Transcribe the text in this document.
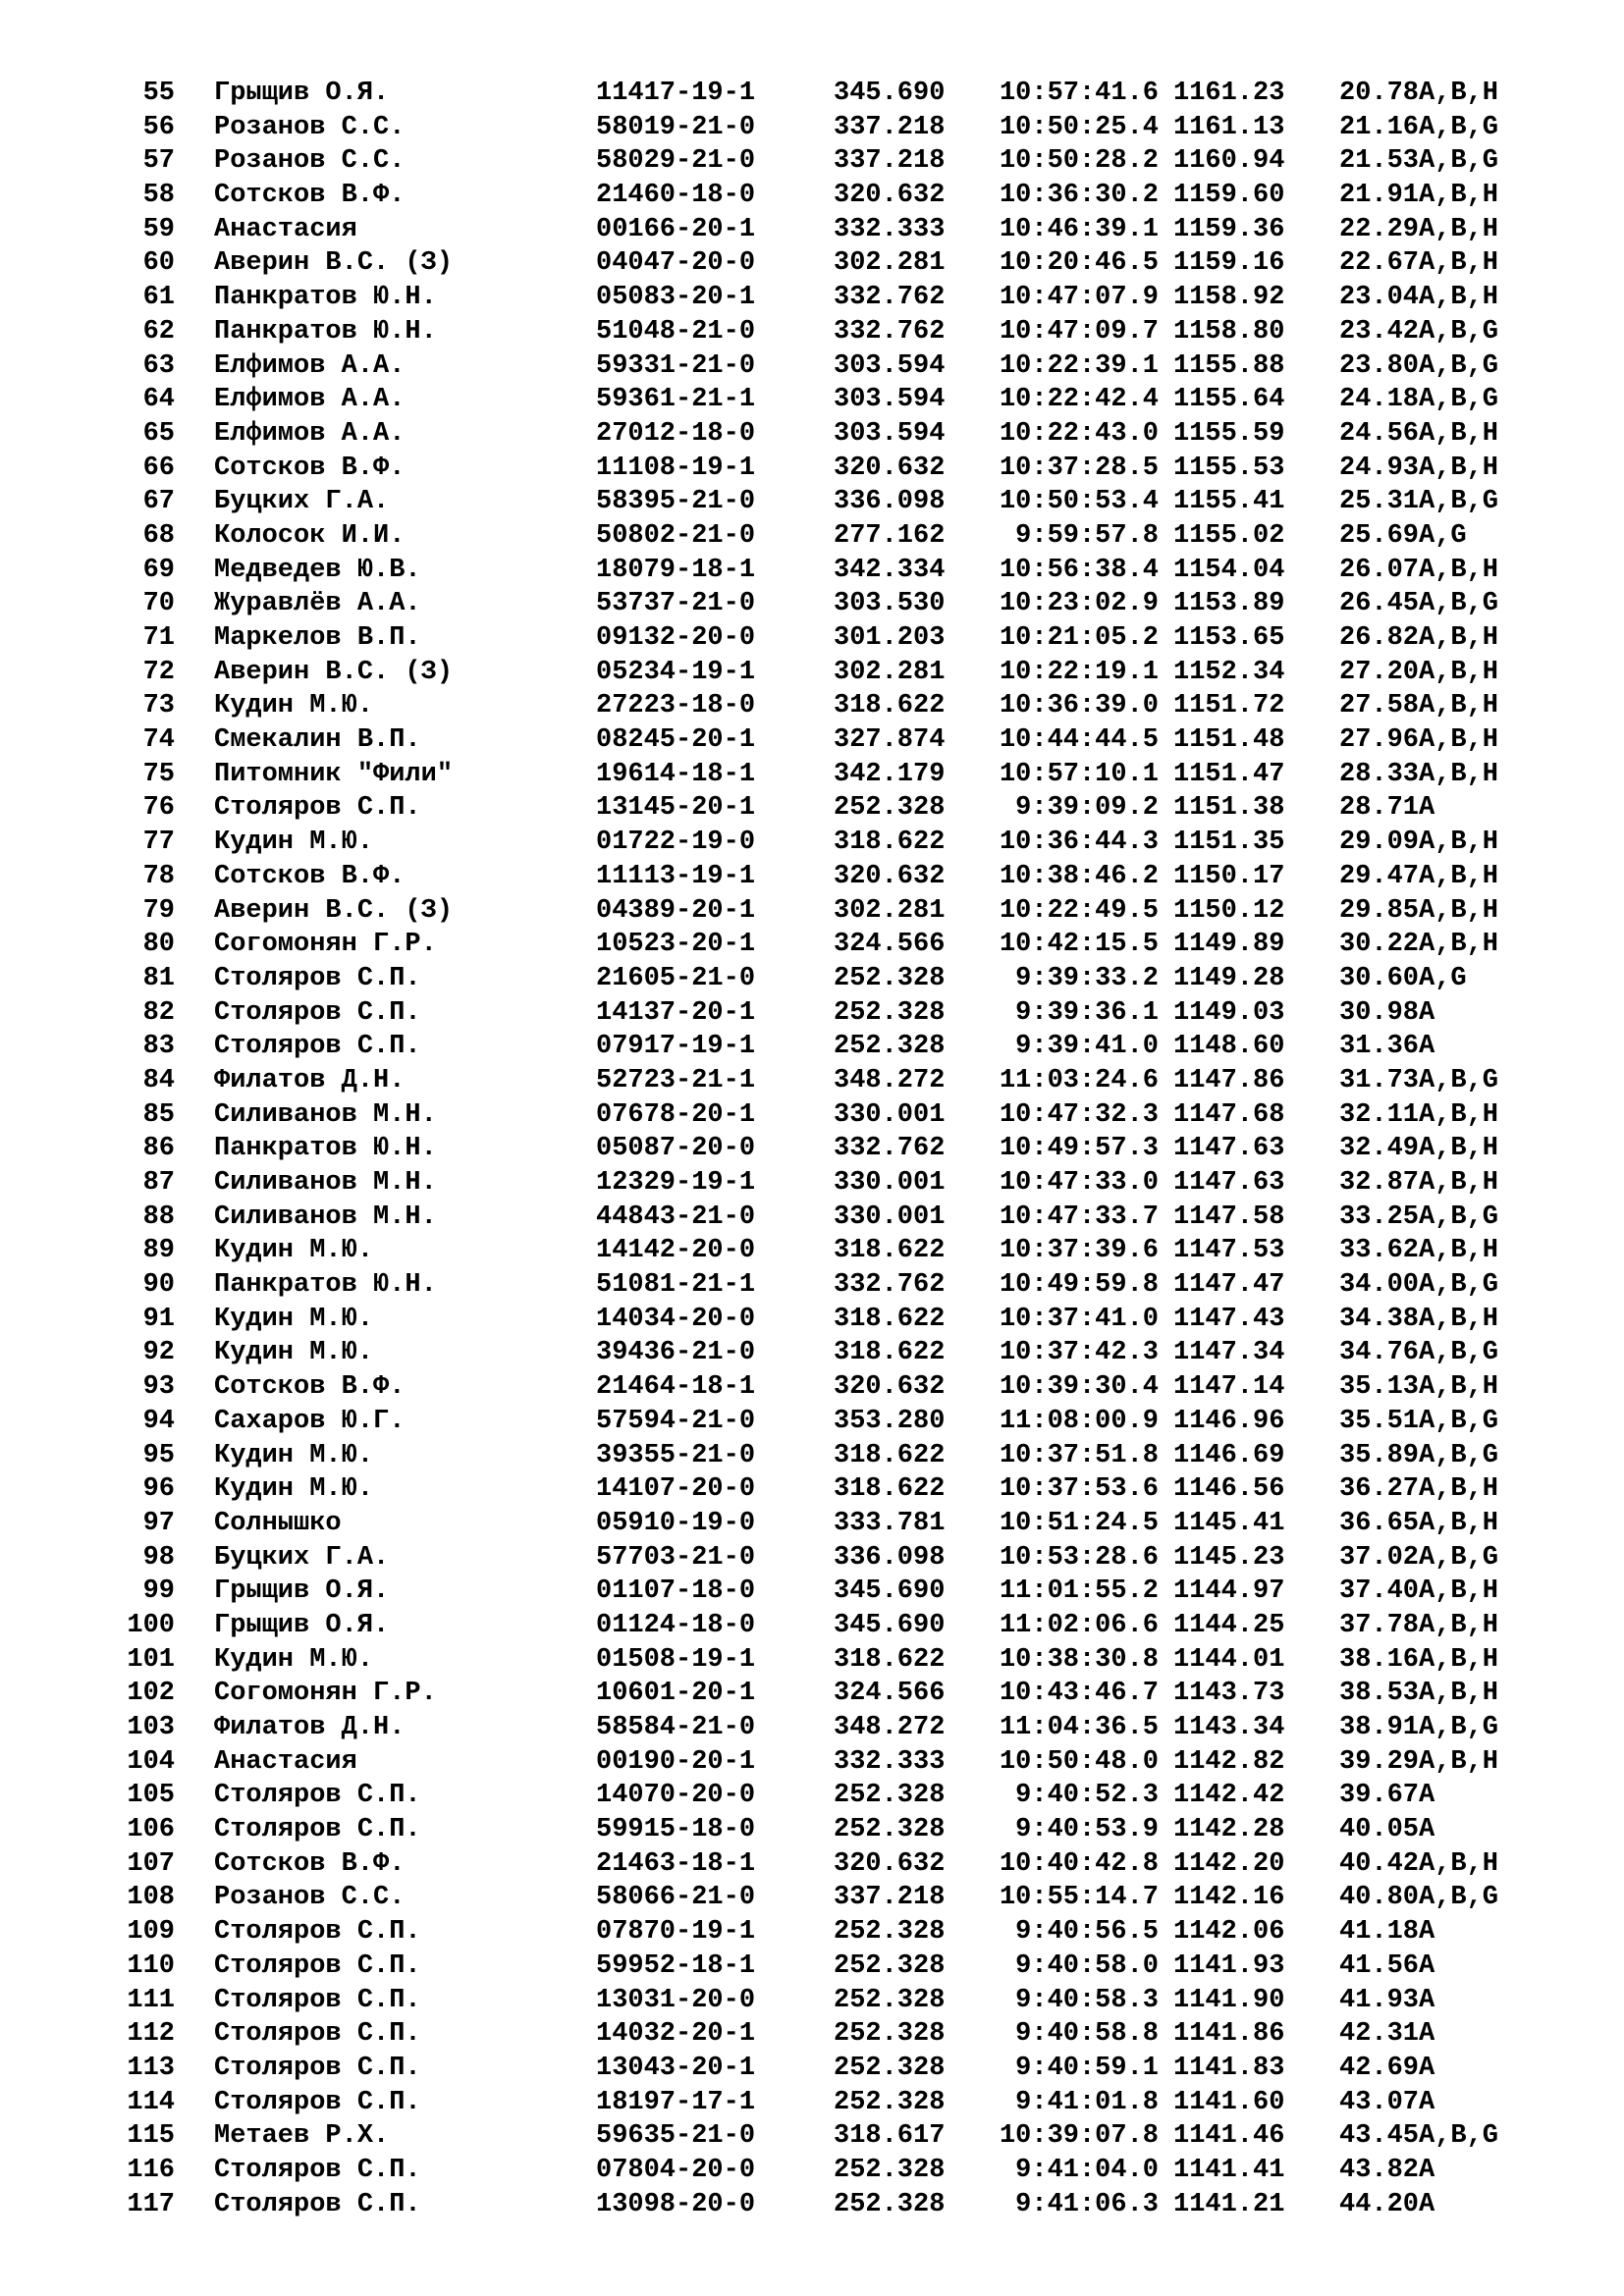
55 Грыщив О.Я.	11417-19-1	345.690 10:57:41.6 1161.23 20.78 A,B,H
56 Розанов С.С.	58019-21-0	337.218 10:50:25.4 1161.13 21.16 A,B,G
57 Розанов С.С.	58029-21-0	337.218 10:50:28.2 1160.94 21.53 A,B,G
58 Сотсков В.Ф.	21460-18-0	320.632 10:36:30.2 1159.60 21.91 A,B,H
59 Анастасия	00166-20-1	332.333 10:46:39.1 1159.36 22.29 A,B,H
60 Аверин В.С. (З)	04047-20-0	302.281 10:20:46.5 1159.16 22.67 A,B,H
61 Панкратов Ю.Н.	05083-20-1	332.762 10:47:07.9 1158.92 23.04 A,B,H
62 Панкратов Ю.Н.	51048-21-0	332.762 10:47:09.7 1158.80 23.42 A,B,G
63 Елфимов А.А.	59331-21-0	303.594 10:22:39.1 1155.88 23.80 A,B,G
64 Елфимов А.А.	59361-21-1	303.594 10:22:42.4 1155.64 24.18 A,B,G
65 Елфимов А.А.	27012-18-0	303.594 10:22:43.0 1155.59 24.56 A,B,H
66 Сотсков В.Ф.	11108-19-1	320.632 10:37:28.5 1155.53 24.93 A,B,H
67 Буцких Г.А.	58395-21-0	336.098 10:50:53.4 1155.41 25.31 A,B,G
68 Колосок И.И.	50802-21-0	277.162	9:59:57.8 1155.02 25.69 A,G
69 Медведев Ю.В.	18079-18-1	342.334 10:56:38.4 1154.04 26.07 A,B,H
70 Журавлёв А.А.	53737-21-0	303.530 10:23:02.9 1153.89 26.45 A,B,G
71 Маркелов В.П.	09132-20-0	301.203 10:21:05.2 1153.65 26.82 A,B,H
72 Аверин В.С. (З)	05234-19-1	302.281 10:22:19.1 1152.34 27.20 A,B,H
73 Кудин М.Ю.	27223-18-0	318.622 10:36:39.0 1151.72 27.58 A,B,H
74 Смекалин В.П.	08245-20-1	327.874 10:44:44.5 1151.48 27.96 A,B,H
75 Питомник "Фили"	19614-18-1	342.179 10:57:10.1 1151.47 28.33 A,B,H
76 Столяров С.П.	13145-20-1	252.328	9:39:09.2 1151.38 28.71 A
77 Кудин М.Ю.	01722-19-0	318.622 10:36:44.3 1151.35 29.09 A,B,H
78 Сотсков В.Ф.	11113-19-1	320.632 10:38:46.2 1150.17 29.47 A,B,H
79 Аверин В.С. (З)	04389-20-1	302.281 10:22:49.5 1150.12 29.85 A,B,H
80 Согомонян Г.Р.	10523-20-1	324.566 10:42:15.5 1149.89 30.22 A,B,H
81 Столяров С.П.	21605-21-0	252.328	9:39:33.2 1149.28 30.60 A,G
82 Столяров С.П.	14137-20-1	252.328	9:39:36.1 1149.03 30.98 A
83 Столяров С.П.	07917-19-1	252.328	9:39:41.0 1148.60 31.36 A
84 Филатов Д.Н.	52723-21-1	348.272 11:03:24.6 1147.86 31.73 A,B,G
85 Силиванов М.Н.	07678-20-1	330.001 10:47:32.3 1147.68 32.11 A,B,H
86 Панкратов Ю.Н.	05087-20-0	332.762 10:49:57.3 1147.63 32.49 A,B,H
87 Силиванов М.Н.	12329-19-1	330.001 10:47:33.0 1147.63 32.87 A,B,H
88 Силиванов М.Н.	44843-21-0	330.001 10:47:33.7 1147.58 33.25 A,B,G
89 Кудин М.Ю.	14142-20-0	318.622 10:37:39.6 1147.53 33.62 A,B,H
90 Панкратов Ю.Н.	51081-21-1	332.762 10:49:59.8 1147.47 34.00 A,B,G
91 Кудин М.Ю.	14034-20-0	318.622 10:37:41.0 1147.43 34.38 A,B,H
92 Кудин М.Ю.	39436-21-0	318.622 10:37:42.3 1147.34 34.76 A,B,G
93 Сотсков В.Ф.	21464-18-1	320.632 10:39:30.4 1147.14 35.13 A,B,H
94 Сахаров Ю.Г.	57594-21-0	353.280 11:08:00.9 1146.96 35.51 A,B,G
95 Кудин М.Ю.	39355-21-0	318.622 10:37:51.8 1146.69 35.89 A,B,G
96 Кудин М.Ю.	14107-20-0	318.622 10:37:53.6 1146.56 36.27 A,B,H
97 Солнышко	05910-19-0	333.781 10:51:24.5 1145.41 36.65 A,B,H
98 Буцких Г.А.	57703-21-0	336.098 10:53:28.6 1145.23 37.02 A,B,G
99 Грыщив О.Я.	01107-18-0	345.690 11:01:55.2 1144.97 37.40 A,B,H
100 Грыщив О.Я.	01124-18-0	345.690 11:02:06.6 1144.25 37.78 A,B,H
101 Кудин М.Ю.	01508-19-1	318.622 10:38:30.8 1144.01 38.16 A,B,H
102 Согомонян Г.Р.	10601-20-1	324.566 10:43:46.7 1143.73 38.53 A,B,H
103 Филатов Д.Н.	58584-21-0	348.272 11:04:36.5 1143.34 38.91 A,B,G
104 Анастасия	00190-20-1	332.333 10:50:48.0 1142.82 39.29 A,B,H
105 Столяров С.П.	14070-20-0	252.328	9:40:52.3 1142.42 39.67 A
106 Столяров С.П.	59915-18-0	252.328	9:40:53.9 1142.28 40.05 A
107 Сотсков В.Ф.	21463-18-1	320.632 10:40:42.8 1142.20 40.42 A,B,H
108 Розанов С.С.	58066-21-0	337.218 10:55:14.7 1142.16 40.80 A,B,G
109 Столяров С.П.	07870-19-1	252.328	9:40:56.5 1142.06 41.18 A
110 Столяров С.П.	59952-18-1	252.328	9:40:58.0 1141.93 41.56 A
111 Столяров С.П.	13031-20-0	252.328	9:40:58.3 1141.90 41.93 A
112 Столяров С.П.	14032-20-1	252.328	9:40:58.8 1141.86 42.31 A
113 Столяров С.П.	13043-20-1	252.328	9:40:59.1 1141.83 42.69 A
114 Столяров С.П.	18197-17-1	252.328	9:41:01.8 1141.60 43.07 A
115 Метаев Р.Х.	59635-21-0	318.617 10:39:07.8 1141.46 43.45 A,B,G
116 Столяров С.П.	07804-20-0	252.328	9:41:04.0 1141.41 43.82 A
117 Столяров С.П.	13098-20-0	252.328	9:41:06.3 1141.21 44.20 A
